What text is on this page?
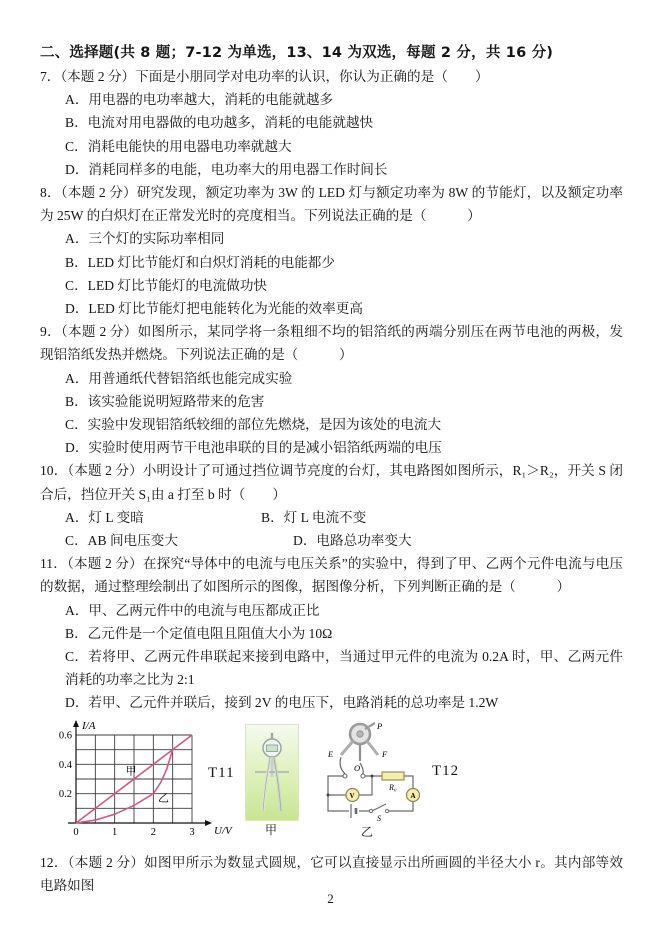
二、选择题(共 8 题；7-12 为单选，13、14 为双选，每题 2 分，共 16 分)
7．（本题 2 分）下面是小朋同学对电功率的认识，你认为正确的是（　　）
A．用电器的电功率越大，消耗的电能就越多
B．电流对用电器做的电功越多，消耗的电能就越快
C．消耗电能快的用电器电功率就越大
D．消耗同样多的电能，电功率大的用电器工作时间长
8．（本题 2 分）研究发现，额定功率为 3W 的 LED 灯与额定功率为 8W 的节能灯，以及额定功率为 25W 的白炽灯在正常发光时的亮度相当。下列说法正确的是（　　　）
A．三个灯的实际功率相同
B．LED 灯比节能灯和白炽灯消耗的电能都少
C．LED 灯比节能灯的电流做功快
D．LED 灯比节能灯把电能转化为光能的效率更高
9．（本题 2 分）如图所示，某同学将一条粗细不均的铝箔纸的两端分别压在两节电池的两极，发现铝箔纸发热并燃烧。下列说法正确的是（　　　）
A．用普通纸代替铝箔纸也能完成实验
B．该实验能说明短路带来的危害
C．实验中发现铝箔纸较细的部位先燃烧，是因为该处的电流大
D．实验时使用两节干电池串联的目的是减小铝箔纸两端的电压
10．（本题 2 分）小明设计了可通过挡位调节亮度的台灯，其电路图如图所示，R₁＞R₂，开关 S 闭合后，挡位开关 S₁由 a 打至 b 时（　　）
A．灯 L 变暗	B．灯 L 电流不变
C．AB 间电压变大	D．电路总功率变大
11．（本题 2 分）在探究“导体中的电流与电压关系”的实验中，得到了甲、乙两个元件电流与电压的数据，通过整理绘制出了如图所示的图像，据图像分析，下列判断正确的是（　　　）
A．甲、乙两元件中的电流与电压都成正比
B．乙元件是一个定值电阻且阻值大小为 10Ω
C．若将甲、乙两元件串联起来接到电路中，当通过甲元件的电流为 0.2A 时，甲、乙两元件消耗的功率之比为 2:1
D．若甲、乙元件并联后，接到 2V 的电压下，电路消耗的总功率是 1.2W
I/A
U/V
0	1	2	3
0.2
0.4
0.6
甲
乙
T11
甲
P
E	F
O
R₀
A
V
S
乙
T12
12．（本题 2 分）如图甲所示为数显式圆规，它可以直接显示出所画圆的半径大小 r。其内部等效电路如图
2
